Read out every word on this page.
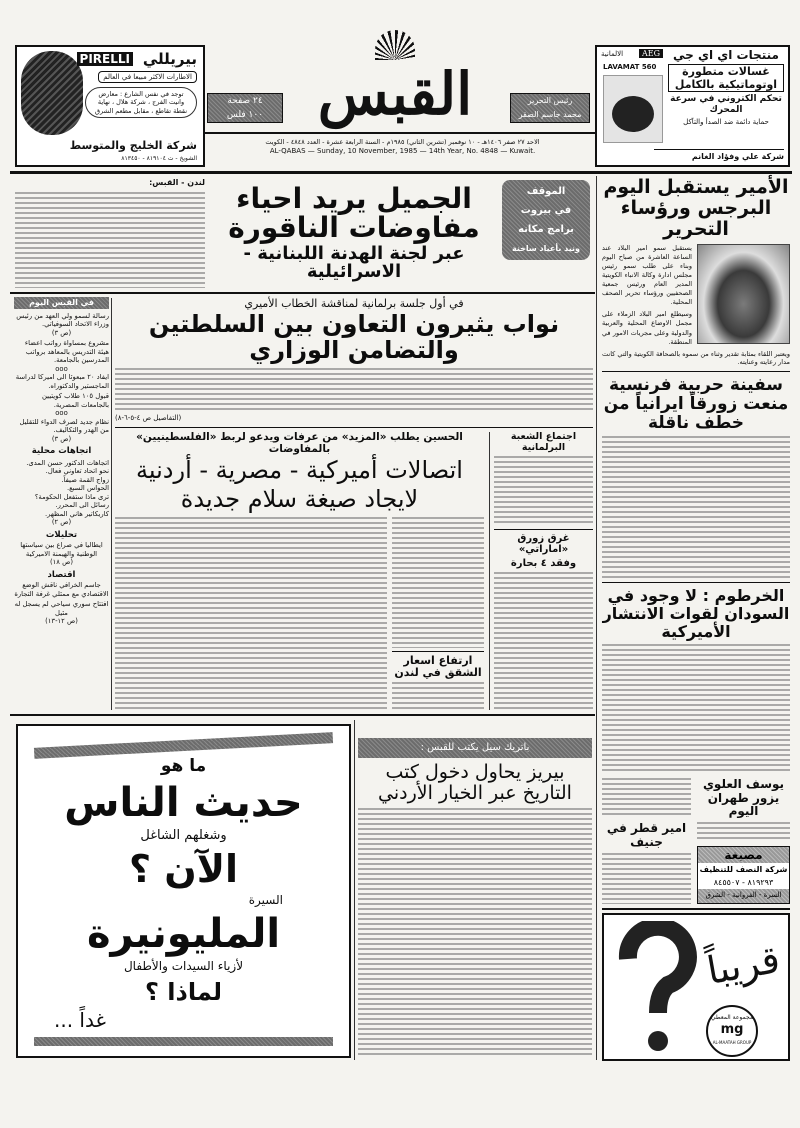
بيريللي
PIRELLI
الاطارات الاكثر مبيعا في العالم
توجد في نفس الشارع : معارض وانيت الفرج ، شركة هلال ، نهاية نقطة تقاطع ، مقابل مطعم الشرق
شركة الخليج والمتوسط
الشويخ - ت ٨١٩١٠٤ - ٨١٣٤٥٠
٢٤ صفحة
١٠٠ فلس القبس	رئيس التحرير
محمد جاسم الصقر
الاحد ٢٧ صفر ١٤٠٦هـ - ١٠ نوفمبر (تشرين الثاني) ١٩٨٥م - السنة الرابعة عشرة - العدد ٤٨٤٨ - الكويت
AL-QABAS — Sunday, 10 November, 1985 — 14th Year, No. 4848 — Kuwait.
الالمانية	AEG
LAVAMAT 560
منتجات اي اي جي
غسالات متطورة اوتوماتيكية بالكامل
تحكم الكتروني في سرعة المحرك
حماية دائمة ضد الصدأ والتآكل
شركة علي وفؤاد الغانم
لندن - القبس:	الجميل يريد احياء مفاوضات الناقورة
عبر لجنة الهدنة اللبنانية - الاسرائيلية
الموقف
في بيروت
برامج مكانه
ونيد بأعياد ساخنة
الأمير يستقبل اليوم البرجس ورؤساء التحرير

يستقبل سمو امير البلاد عند الساعة العاشرة من صباح اليوم وبناء على طلب سمو رئيس مجلس ادارة وكالة الانباء الكويتية المدير العام ورئيس جمعية الصحفيين ورؤساء تحرير الصحف المحلية.

وسيطلع امير البلاد الزملاء على مجمل الاوضاع المحلية والعربية والدولية وعلى مجريات الامور في المنطقة.

ويعتبر اللقاء بمثابة تقدير وثناء من سموه بالصحافة الكويتية والتي كانت مدار رعايته وعنايته.
سفينة حربية فرنسية منعت زورقاً ايرانياً من خطف ناقلة
الخرطوم : لا وجود في السودان لقوات الانتشار الأميركية
يوسف العلوي يزور طهران اليوم
مصبغة
شركة النصف للتنظيف
٨١٩٢٩٣ - ٨٤٥٥٠٧
السرة - الفروانية - الشرق
امير قطر في جنيف
قريباً
مجموعة المعطي
mg
AL-MAATAH GROUP
في القبس اليوم
رسالة لسمو ولي العهد من رئيس وزراء الاتحاد السوفياتي.
(ص ٣)
مشروع بمساواة رواتب اعضاء هيئة التدريس بالمعاهد برواتب المدرسين بالجامعة.
ooo
ايفاد ٢٠ مبعوثا الى اميركا لدراسة الماجستير والدكتوراه.
قبول ١٠٥ طلاب كويتيين بالجامعات المصرية.
ooo
نظام جديد لصرف الدواء للتقليل من الهدر والتكاليف.
(ص ٣)
اتجاهات محلية
اتجاهات الدكتور حسن المدى.
نحو اتحاد تعاوني فعال.
زواج القمة صيفاً.
الحواس السبع.
ترى ماذا ستفعل الحكومة؟
رسائل الى المحرر.
كاريكاتير هاني المظهر.
(ص ٢)
تحليلات
ايطاليا في صراع بين سياستها الوطنية والهيمنة الاميركية
(ص ١٨)
اقتصاد
جاسم الخرافي ناقش الوضع الاقتصادي مع ممثلي غرفة التجارة
افتتاح سوري سياحي لم يسجل له مثيل
(ص ١٢-١٣)
في أول جلسة برلمانية لمناقشة الخطاب الأميري
نواب يثيرون التعاون بين السلطتين والتضامن الوزاري
(التفاصيل ص ٤-٥-٦-٨)
اجتماع الشعبة البرلمانية
غرق زورق «اماراتي»
وفقد ٤ بحارة
الحسين يطلب «المزيد» من عرفات ويدعو لربط «الفلسطينيين» بالمفاوضات
اتصالات أميركية - مصرية - أردنية
لايجاد صيغة سلام جديدة
ارتفاع اسعار الشقق في لندن
ما هو
حديث الناس
وشغلهم الشاغل
الآن ؟
السيرة
المليونيرة
لأزياء السيدات والأطفال
لماذا ؟
غداً ...
باتريك سيل يكتب للقبس :
بيريز يحاول دخول كتب التاريخ عبر الخيار الأردني
